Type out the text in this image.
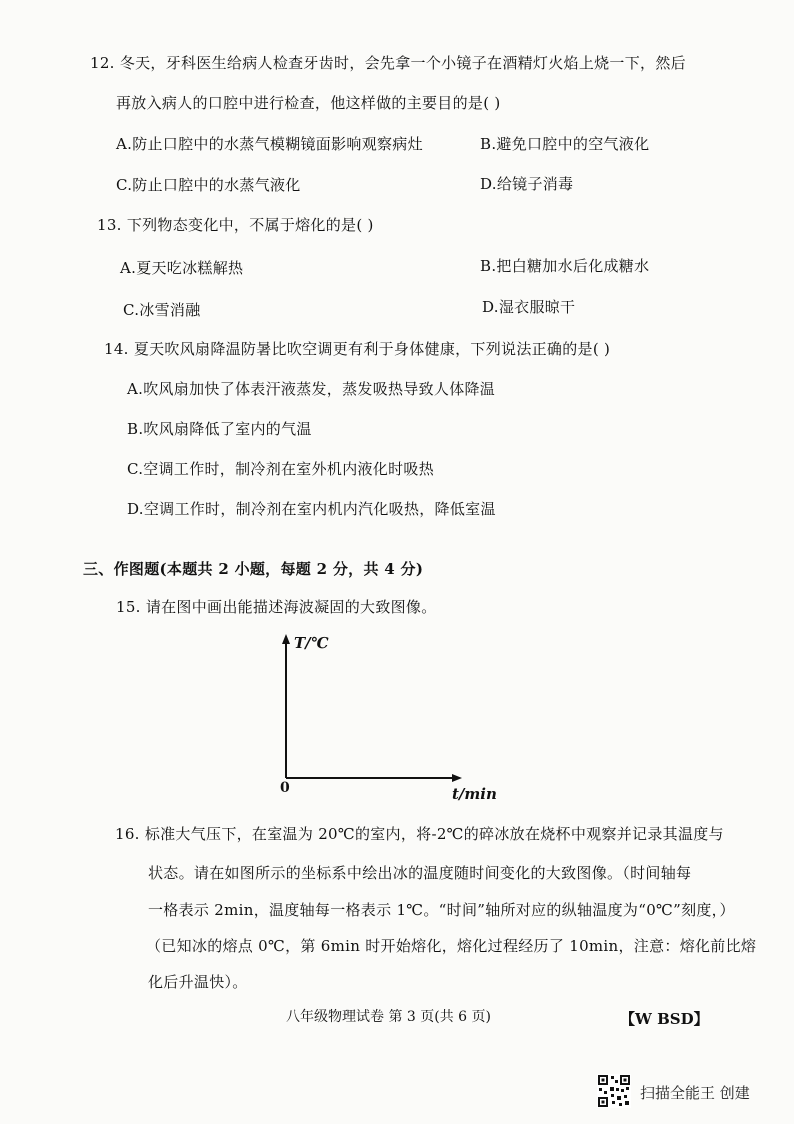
12. 冬天，牙科医生给病人检查牙齿时，会先拿一个小镜子在酒精灯火焰上烧一下，然后
再放入病人的口腔中进行检查，他这样做的主要目的是( )
A.防止口腔中的水蒸气模糊镜面影响观察病灶	B.避免口腔中的空气液化
C.防止口腔中的水蒸气液化	D.给镜子消毒
13. 下列物态变化中，不属于熔化的是( )
A.夏天吃冰糕解热	B.把白糖加水后化成糖水
C.冰雪消融	D.湿衣服晾干
14. 夏天吹风扇降温防暑比吹空调更有利于身体健康，下列说法正确的是( )
A.吹风扇加快了体表汗液蒸发，蒸发吸热导致人体降温
B.吹风扇降低了室内的气温
C.空调工作时，制冷剂在室外机内液化时吸热
D.空调工作时，制冷剂在室内机内汽化吸热，降低室温
三、作图题(本题共 2 小题，每题 2 分，共 4 分)
15. 请在图中画出能描述海波凝固的大致图像。
T/℃
0	t/min
16. 标准大气压下，在室温为 20℃的室内，将-2℃的碎冰放在烧杯中观察并记录其温度与
状态。请在如图所示的坐标系中绘出冰的温度随时间变化的大致图像。（时间轴每
一格表示 2min，温度轴每一格表示 1℃。“时间”轴所对应的纵轴温度为“0℃”刻度，）
（已知冰的熔点 0℃，第 6min 时开始熔化，熔化过程经历了 10min，注意：熔化前比熔
化后升温快）。
八年级物理试卷 第 3 页(共 6 页)	【W BSD】
扫描全能王 创建
